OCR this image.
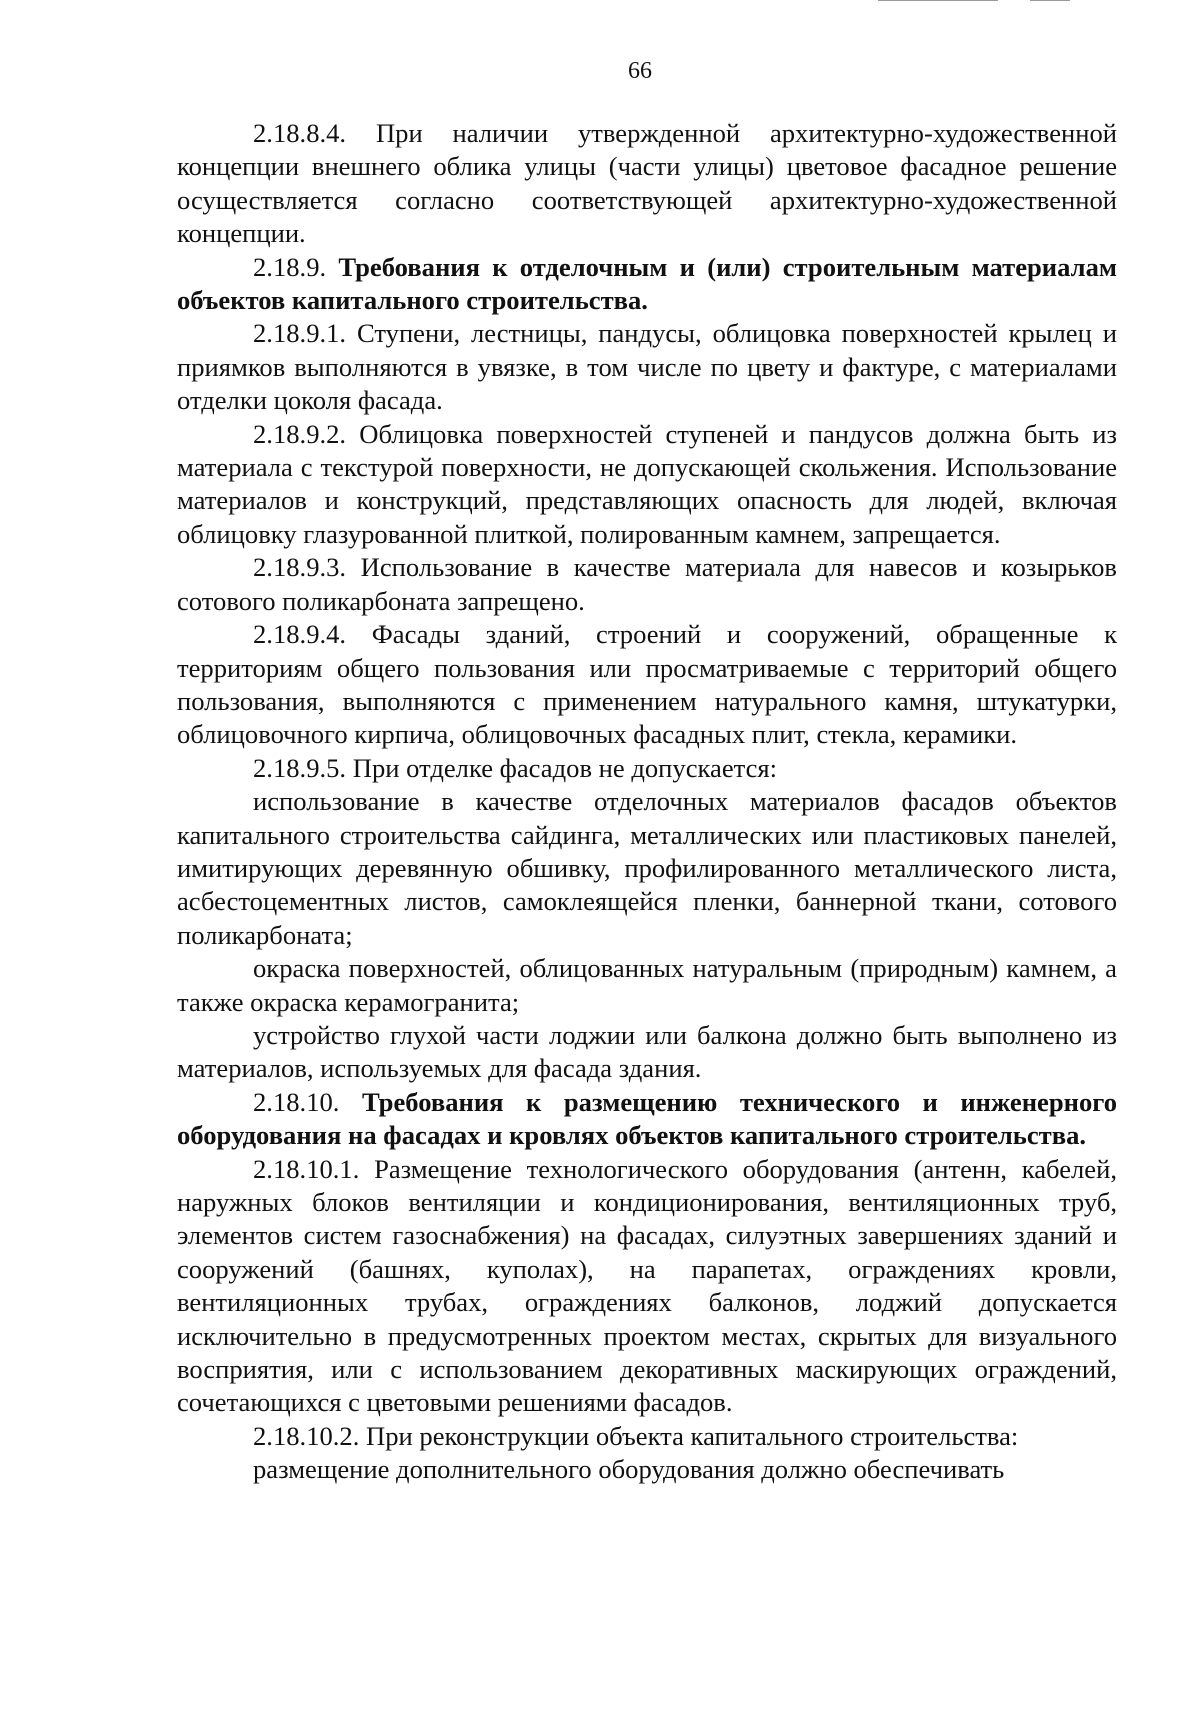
66

2.18.8.4. При наличии утвержденной архитектурно-художественной концепции внешнего облика улицы (части улицы) цветовое фасадное решение осуществляется согласно соответствующей архитектурно-художественной концепции.

2.18.9. Требования к отделочным и (или) строительным материалам объектов капитального строительства.

2.18.9.1. Ступени, лестницы, пандусы, облицовка поверхностей крылец и приямков выполняются в увязке, в том числе по цвету и фактуре, с материалами отделки цоколя фасада.

2.18.9.2. Облицовка поверхностей ступеней и пандусов должна быть из материала с текстурой поверхности, не допускающей скольжения. Использование материалов и конструкций, представляющих опасность для людей, включая облицовку глазурованной плиткой, полированным камнем, запрещается.

2.18.9.3. Использование в качестве материала для навесов и козырьков сотового поликарбоната запрещено.

2.18.9.4. Фасады зданий, строений и сооружений, обращенные к территориям общего пользования или просматриваемые с территорий общего пользования, выполняются с применением натурального камня, штукатурки, облицовочного кирпича, облицовочных фасадных плит, стекла, керамики.

2.18.9.5. При отделке фасадов не допускается:

использование в качестве отделочных материалов фасадов объектов капитального строительства сайдинга, металлических или пластиковых панелей, имитирующих деревянную обшивку, профилированного металлического листа, асбестоцементных листов, самоклеящейся пленки, баннерной ткани, сотового поликарбоната;

окраска поверхностей, облицованных натуральным (природным) камнем, а также окраска керамогранита;

устройство глухой части лоджии или балкона должно быть выполнено из материалов, используемых для фасада здания.

2.18.10. Требования к размещению технического и инженерного оборудования на фасадах и кровлях объектов капитального строительства.

2.18.10.1. Размещение технологического оборудования (антенн, кабелей, наружных блоков вентиляции и кондиционирования, вентиляционных труб, элементов систем газоснабжения) на фасадах, силуэтных завершениях зданий и сооружений (башнях, куполах), на парапетах, ограждениях кровли, вентиляционных трубах, ограждениях балконов, лоджий допускается исключительно в предусмотренных проектом местах, скрытых для визуального восприятия, или с использованием декоративных маскирующих ограждений, сочетающихся с цветовыми решениями фасадов.

2.18.10.2. При реконструкции объекта капитального строительства:

размещение дополнительного оборудования должно обеспечивать
